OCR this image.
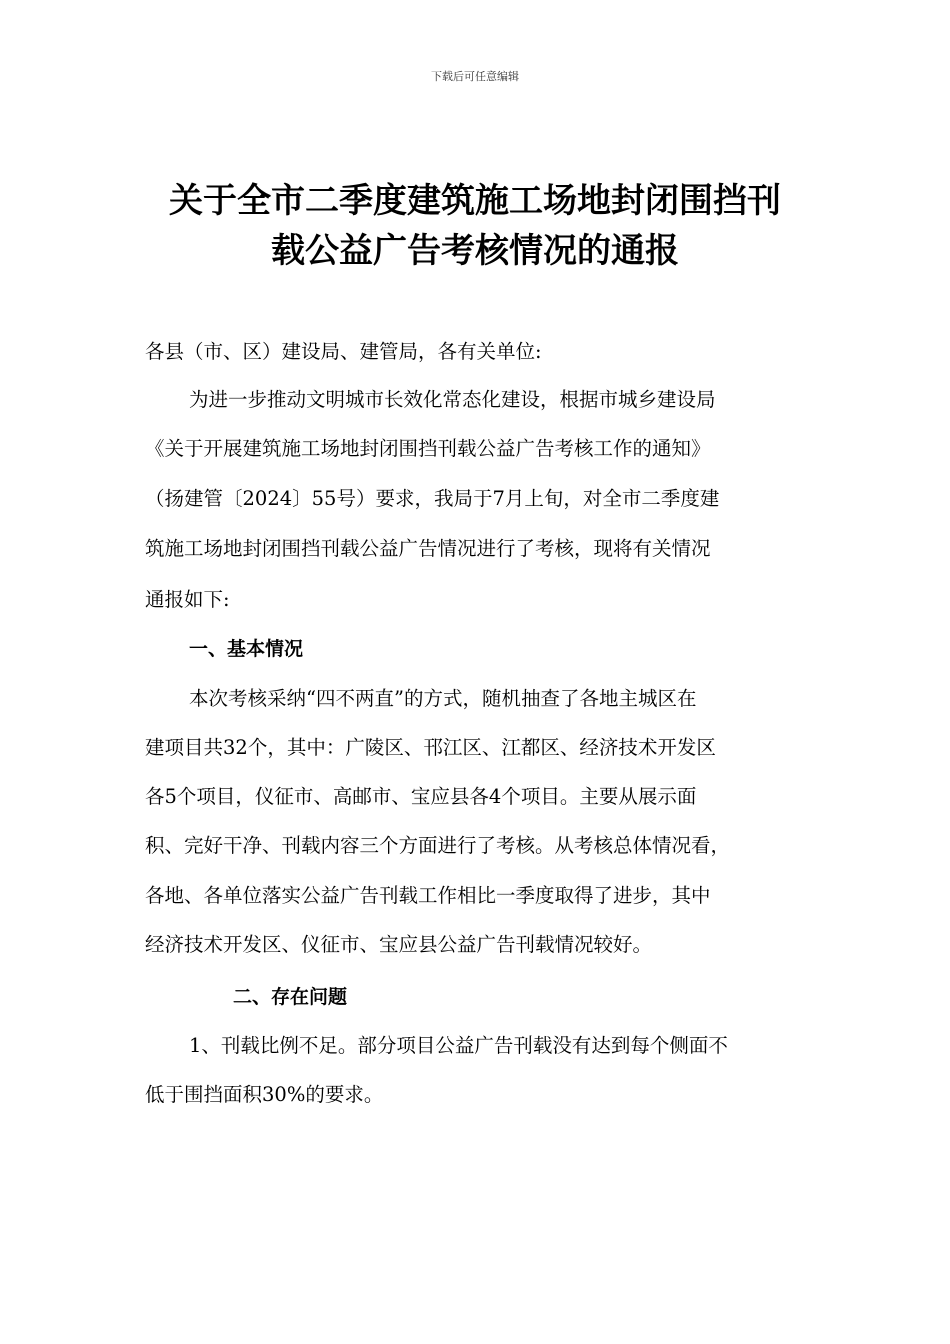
下载后可任意编辑
关于全市二季度建筑施工场地封闭围挡刊
载公益广告考核情况的通报
各县（市、区）建设局、建管局，各有关单位:
为进一步推动文明城市长效化常态化建设，根据市城乡建设局
《关于开展建筑施工场地封闭围挡刊载公益广告考核工作的通知》
（扬建管〔2024〕55号）要求，我局于7月上旬，对全市二季度建
筑施工场地封闭围挡刊载公益广告情况进行了考核，现将有关情况
通报如下:
一、基本情况
本次考核采纳“四不两直”的方式，随机抽查了各地主城区在
建项目共32个，其中：广陵区、邗江区、江都区、经济技术开发区
各5个项目，仪征市、高邮市、宝应县各4个项目。主要从展示面
积、完好干净、刊载内容三个方面进行了考核。从考核总体情况看，
各地、各单位落实公益广告刊载工作相比一季度取得了进步，其中
经济技术开发区、仪征市、宝应县公益广告刊载情况较好。
二、存在问题
1、刊载比例不足。部分项目公益广告刊载没有达到每个侧面不
低于围挡面积30%的要求。
